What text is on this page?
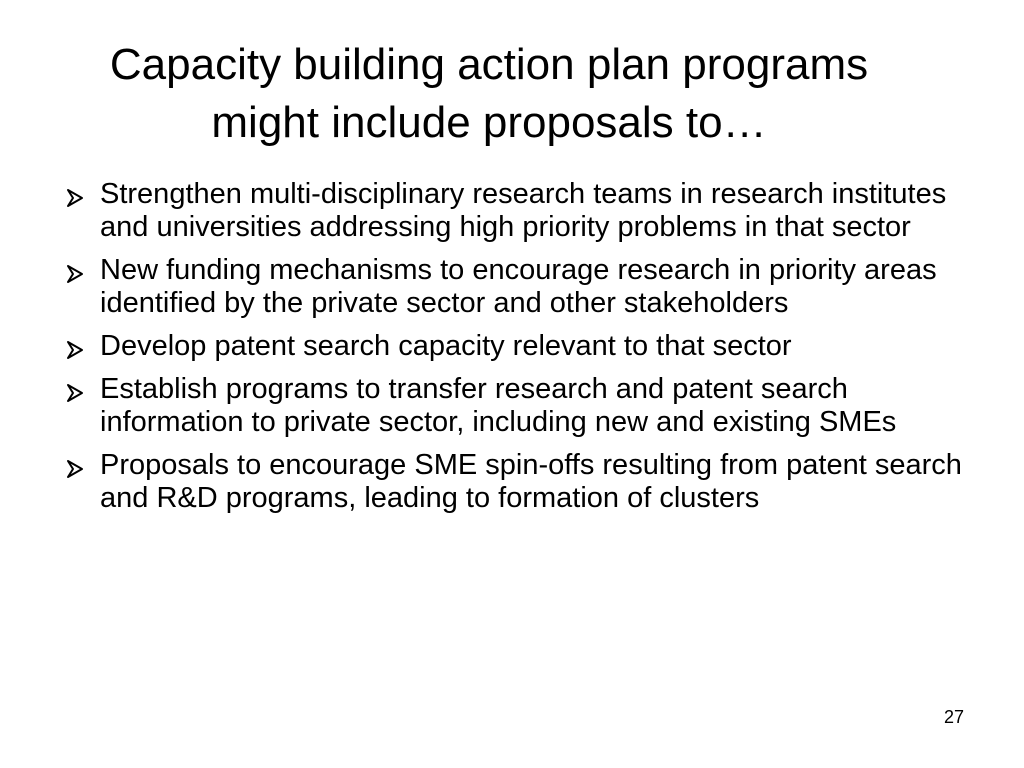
Capacity building action plan programs
might include proposals to…
Strengthen multi-disciplinary research teams in research institutes and universities addressing high priority problems in that sector
New funding mechanisms to encourage research in priority areas identified by the private sector and other stakeholders
Develop patent search capacity relevant to that sector
Establish programs to transfer research and patent search information to private sector, including new and existing SMEs
Proposals to encourage SME spin-offs resulting from patent search and R&D programs, leading to formation of clusters
27
